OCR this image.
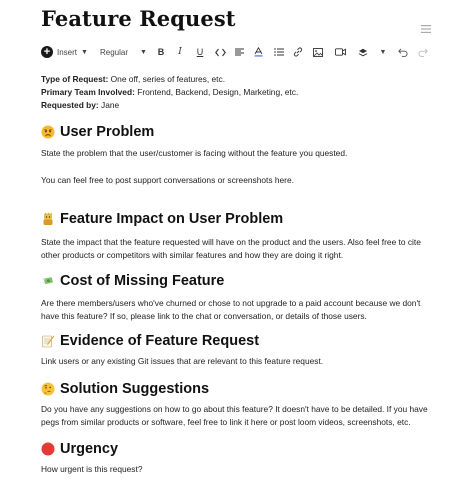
Feature Request
+ Insert ▼ Regular ▼ B	I	U	▼
Type of Request: One off, series of features, etc.
Primary Team Involved: Frontend, Backend, Design, Marketing, etc.
Requested by: Jane
User Problem
State the problem that the user/customer is facing without the feature you quested.
You can feel free to post support conversations or screenshots here.
Feature Impact on User Problem
State the impact that the feature requested will have on the product and the users. Also feel free to cite other products or competitors with similar features and how they are doing it right.
Cost of Missing Feature
Are there members/users who've churned or chose to not upgrade to a paid account because we don't have this feature? If so, please link to the chat or conversation, or details of those users.
Evidence of Feature Request
Link users or any existing Git issues that are relevant to this feature request.
Solution Suggestions
Do you have any suggestions on how to go about this feature? It doesn't have to be detailed. If you have pegs from similar products or software, feel free to link it here or post loom videos, screenshots, etc.
Urgency
How urgent is this request?
